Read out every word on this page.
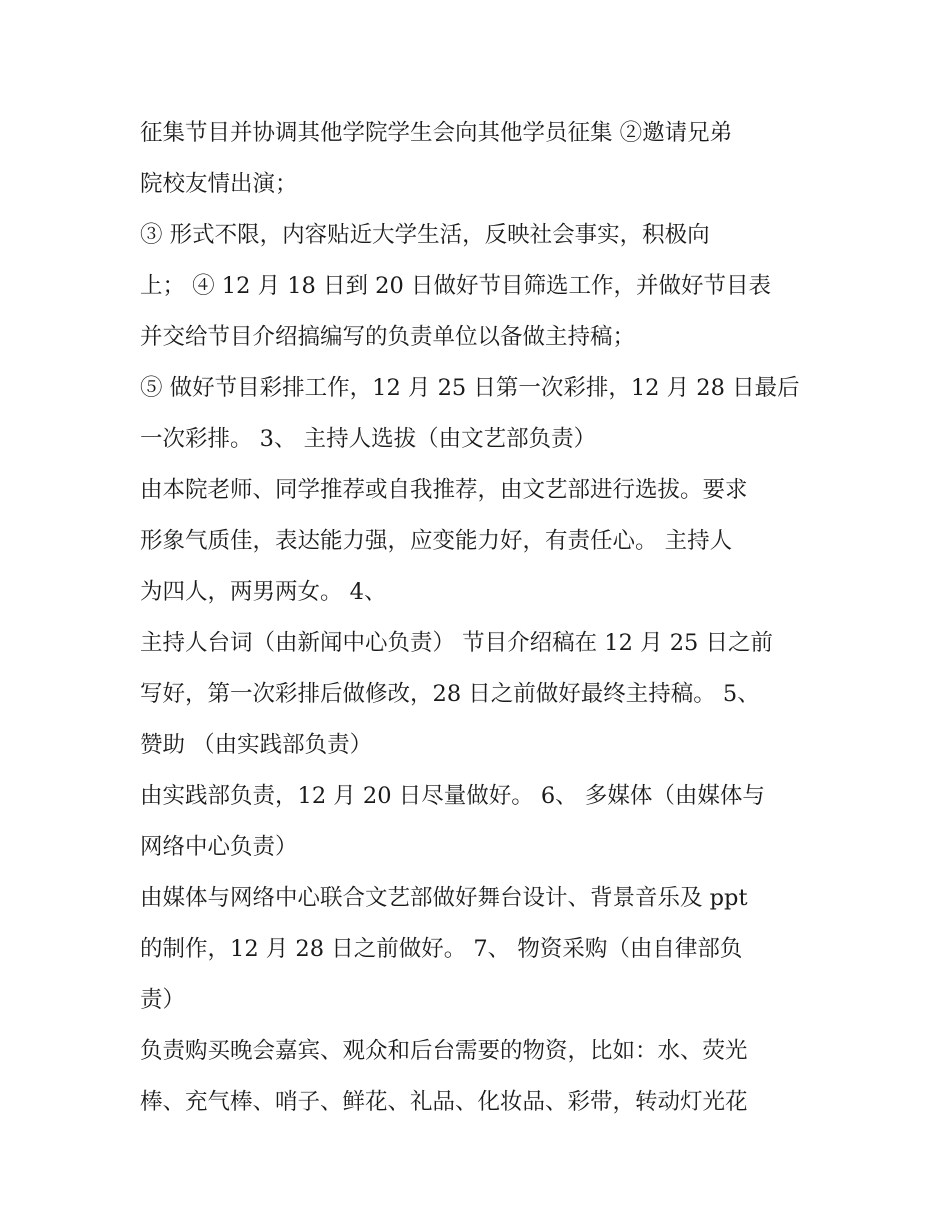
征集节目并协调其他学院学生会向其他学员征集 ②邀请兄弟
院校友情出演；
③ 形式不限，内容贴近大学生活，反映社会事实，积极向
上； ④ 12 月 18 日到 20 日做好节目筛选工作，并做好节目表
并交给节目介绍搞编写的负责单位以备做主持稿；
⑤ 做好节目彩排工作，12 月 25 日第一次彩排，12 月 28 日最后
一次彩排。 3、 主持人选拔（由文艺部负责）
由本院老师、同学推荐或自我推荐，由文艺部进行选拔。要求
形象气质佳，表达能力强，应变能力好，有责任心。 主持人
为四人，两男两女。 4、
主持人台词（由新闻中心负责） 节目介绍稿在 12 月 25 日之前
写好，第一次彩排后做修改，28 日之前做好最终主持稿。 5、
赞助 （由实践部负责）
由实践部负责，12 月 20 日尽量做好。 6、 多媒体（由媒体与
网络中心负责）
由媒体与网络中心联合文艺部做好舞台设计、背景音乐及 ppt
的制作，12 月 28 日之前做好。 7、 物资采购（由自律部负
责）
负责购买晚会嘉宾、观众和后台需要的物资，比如：水、荧光
棒、充气棒、哨子、鲜花、礼品、化妆品、彩带，转动灯光花
